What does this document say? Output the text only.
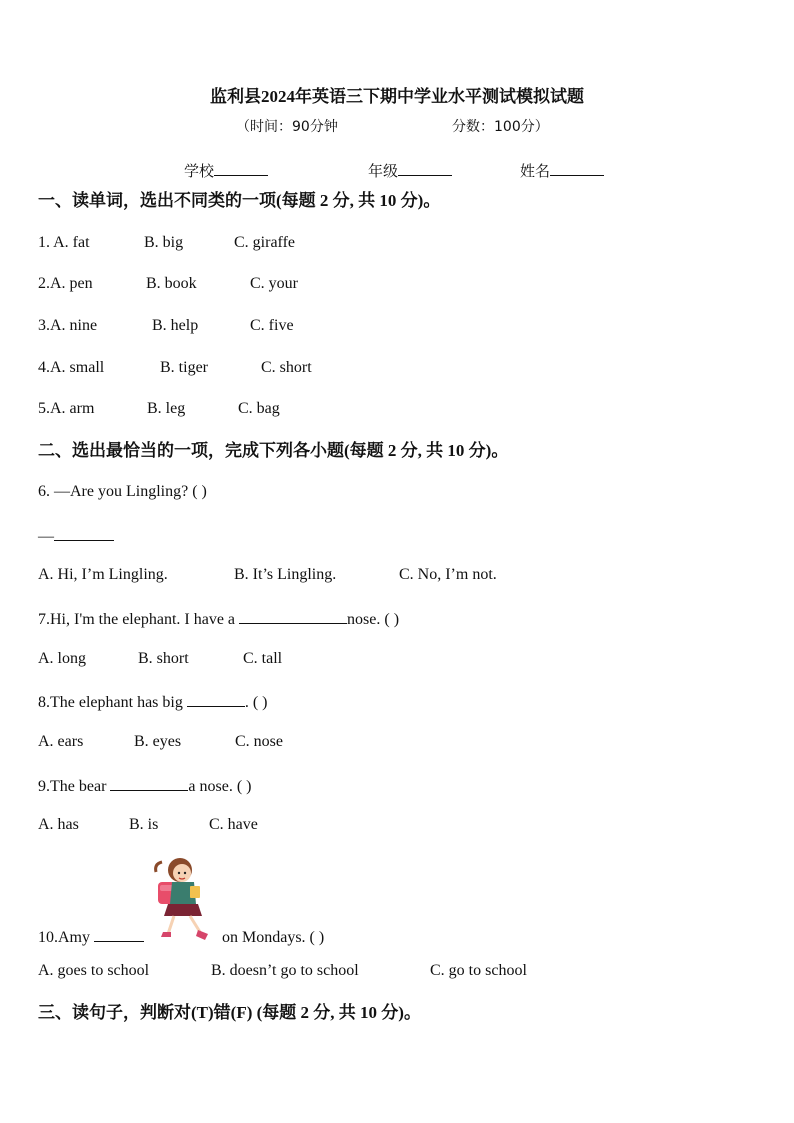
监利县2024年英语三下期中学业水平测试模拟试题
（时间：90分钟	分数：100分）
学校	年级	姓名
一、读单词，选出不同类的一项(每题 2 分, 共 10 分)。
1. A. fat	B. big	C. giraffe
2.A. pen	B. book	C. your
3.A. nine	B. help	C. five
4.A. small	B. tiger	C. short
5.A. arm	B. leg	C. bag
二、选出最恰当的一项，完成下列各小题(每题 2 分, 共 10 分)。
6. —Are you Lingling? ( )
—
A. Hi, I’m Lingling.	B. It’s Lingling.	C. No, I’m not.
7.Hi, I'm the elephant. I have a	nose. ( )
A. long	B. short	C. tall
8.The elephant has big	. ( )
A. ears	B. eyes	C. nose
9.The bear	a nose. ( )
A. has	B. is	C. have
10.Amy	on Mondays. ( )
A. goes to school	B. doesn’t go to school	C. go to school
三、读句子，判断对(T)错(F) (每题 2 分, 共 10 分)。
